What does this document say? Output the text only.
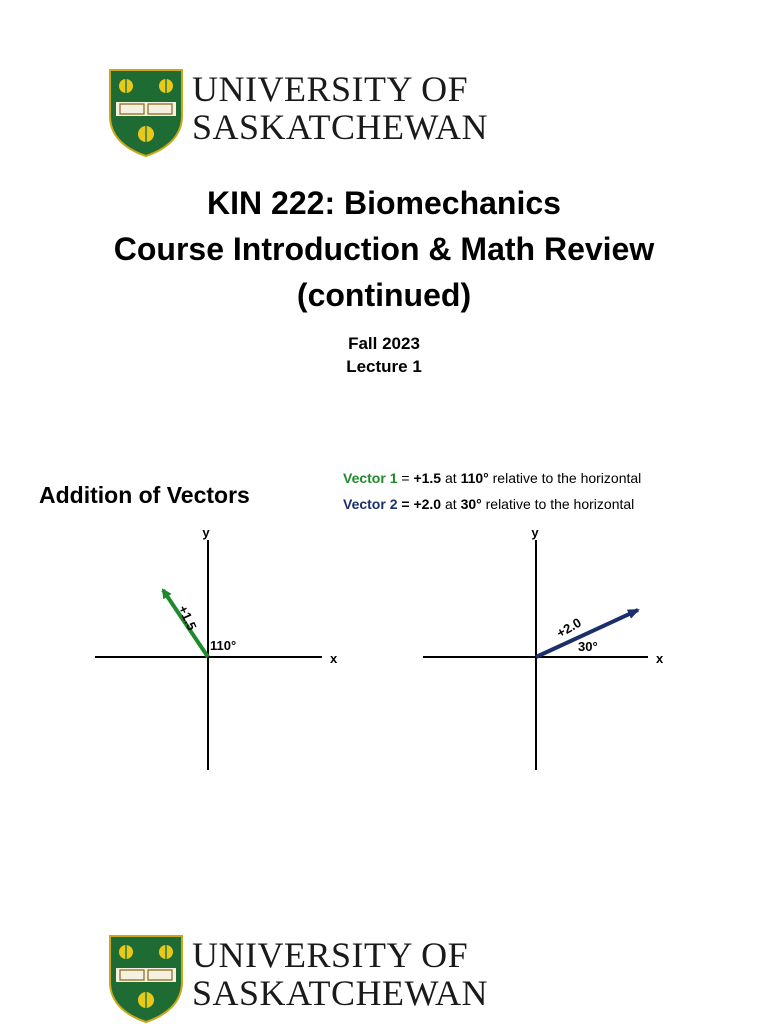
UNIVERSITY OF
SASKATCHEWAN
KIN 222: Biomechanics
Course Introduction & Math Review
(continued)
Fall 2023
Lecture 1
Addition of Vectors
Vector 1 = +1.5 at 110° relative to the horizontal
Vector 2 = +2.0 at 30° relative to the horizontal
y
x
+1.5
110°
y
x
+2.0
30°
UNIVERSITY OF
SASKATCHEWAN
